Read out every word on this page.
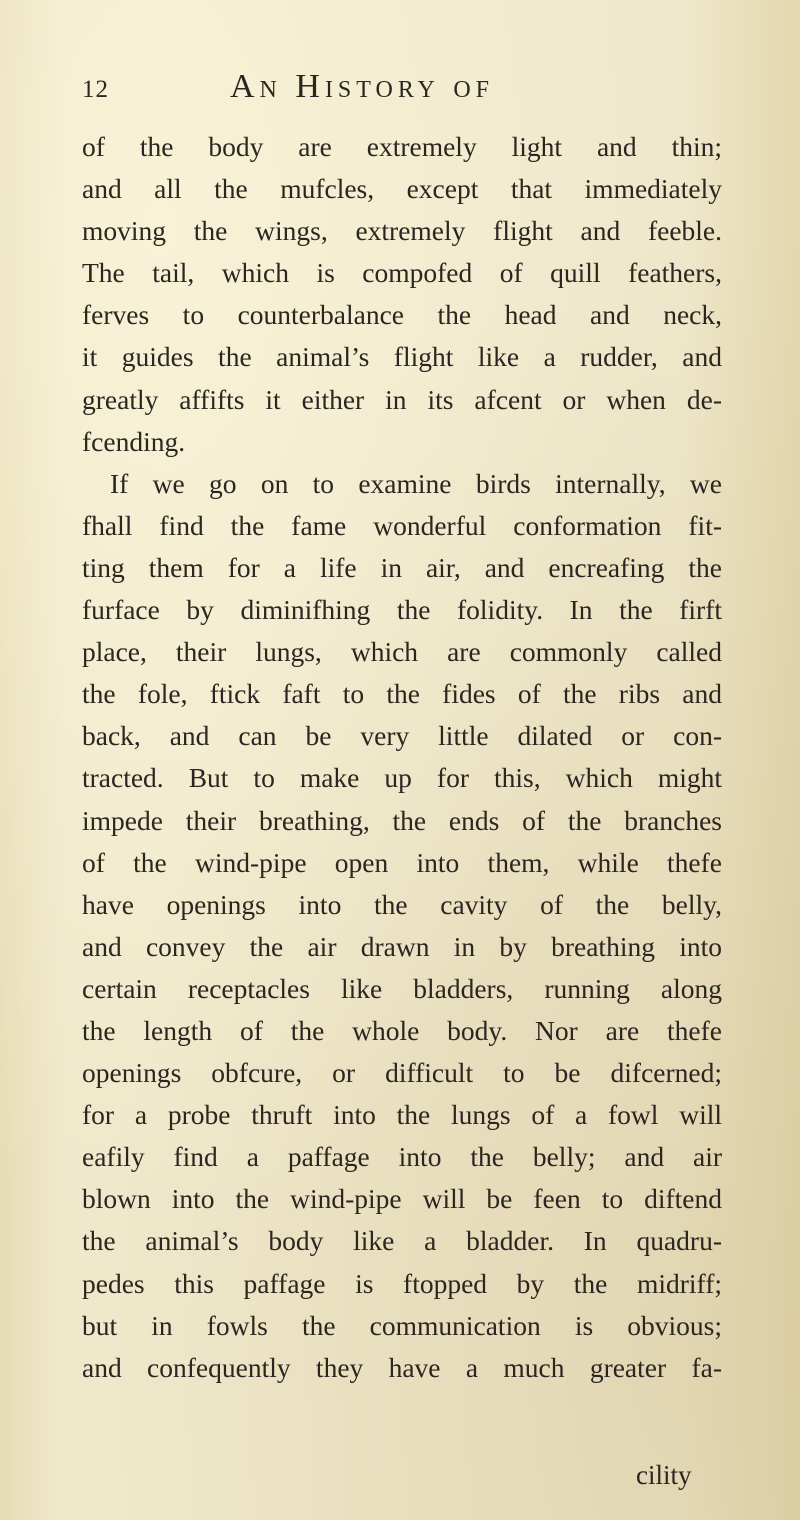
12	An History of
of the body are extremely light and thin;
and all the mufcles, except that immediately
moving the wings, extremely flight and feeble.
The tail, which is compofed of quill feathers,
ferves to counterbalance the head and neck,
it guides the animal’s flight like a rudder, and
greatly affifts it either in its afcent or when de-
fcending.
If we go on to examine birds internally, we
fhall find the fame wonderful conformation fit-
ting them for a life in air, and encreafing the
furface by diminifhing the folidity. In the firft
place, their lungs, which are commonly called
the fole, ftick faft to the fides of the ribs and
back, and can be very little dilated or con-
tracted. But to make up for this, which might
impede their breathing, the ends of the branches
of the wind-pipe open into them, while thefe
have openings into the cavity of the belly,
and convey the air drawn in by breathing into
certain receptacles like bladders, running along
the length of the whole body. Nor are thefe
openings obfcure, or difficult to be difcerned;
for a probe thruft into the lungs of a fowl will
eafily find a paffage into the belly; and air
blown into the wind-pipe will be feen to diftend
the animal’s body like a bladder. In quadru-
pedes this paffage is ftopped by the midriff;
but in fowls the communication is obvious;
and confequently they have a much greater fa-
cility
